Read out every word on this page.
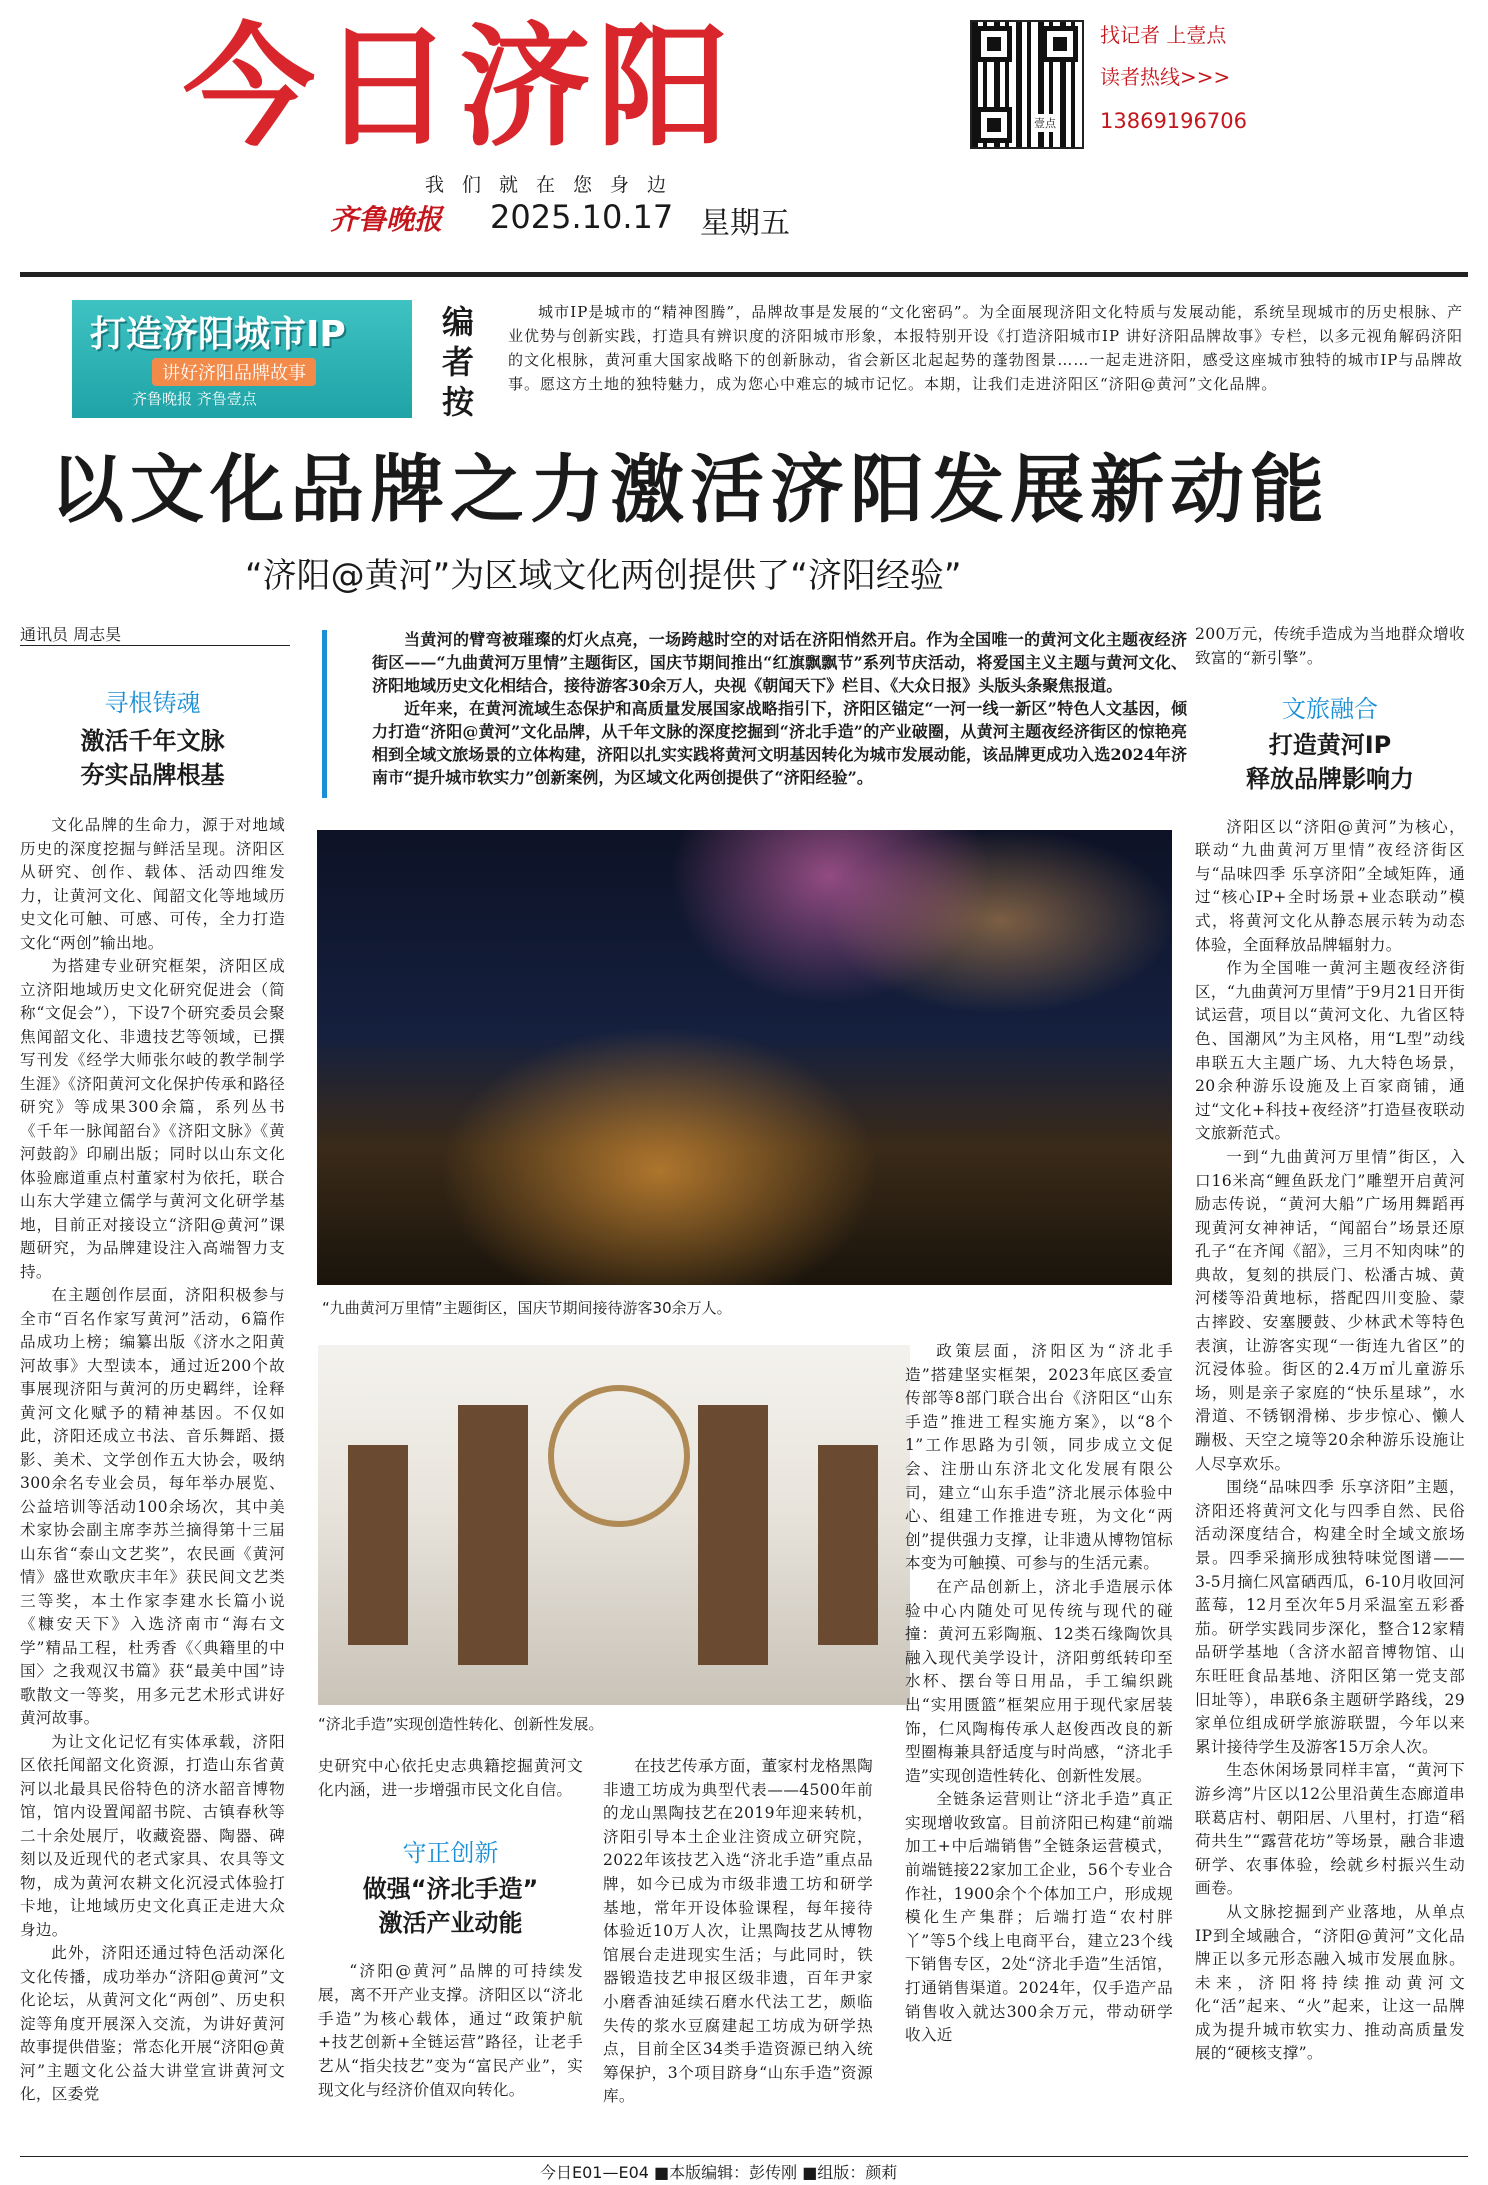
今日济阳
我们就在您身边
齐鲁晚报 2025.10.17 星期五
壹点
找记者 上壹点
读者热线>>>
13869196706
打造济阳城市IP
讲好济阳品牌故事
齐鲁晚报 齐鲁壹点
编者按
城市IP是城市的“精神图腾”，品牌故事是发展的“文化密码”。为全面展现济阳文化特质与发展动能，系统呈现城市的历史根脉、产业优势与创新实践，打造具有辨识度的济阳城市形象，本报特别开设《打造济阳城市IP 讲好济阳品牌故事》专栏，以多元视角解码济阳的文化根脉，黄河重大国家战略下的创新脉动，省会新区北起起势的蓬勃图景……一起走进济阳，感受这座城市独特的城市IP与品牌故事。愿这方土地的独特魅力，成为您心中难忘的城市记忆。本期，让我们走进济阳区“济阳@黄河”文化品牌。
以文化品牌之力激活济阳发展新动能
“济阳@黄河”为区域文化两创提供了“济阳经验”
通讯员 周志昊	当黄河的臂弯被璀璨的灯火点亮，一场跨越时空的对话在济阳悄然开启。作为全国唯一的黄河文化主题夜经济街区——“九曲黄河万里情”主题街区，国庆节期间推出“红旗飘飘节”系列节庆活动，将爱国主义主题与黄河文化、济阳地域历史文化相结合，接待游客30余万人，央视《朝闻天下》栏目、《大众日报》头版头条聚焦报道。

近年来，在黄河流域生态保护和高质量发展国家战略指引下，济阳区锚定“一河一线一新区”特色人文基因，倾力打造“济阳@黄河”文化品牌，从千年文脉的深度挖掘到“济北手造”的产业破圈，从黄河主题夜经济街区的惊艳亮相到全域文旅场景的立体构建，济阳以扎实实践将黄河文明基因转化为城市发展动能，该品牌更成功入选2024年济南市“提升城市软实力”创新案例，为区域文化两创提供了“济阳经验”。

寻根铸魂
激活千年文脉
夯实品牌根基

文化品牌的生命力，源于对地域历史的深度挖掘与鲜活呈现。济阳区从研究、创作、载体、活动四维发力，让黄河文化、闻韶文化等地域历史文化可触、可感、可传，全力打造文化“两创”输出地。

为搭建专业研究框架，济阳区成立济阳地域历史文化研究促进会（简称“文促会”），下设7个研究委员会聚焦闻韶文化、非遗技艺等领域，已撰写刊发《经学大师张尔岐的教学制学生涯》《济阳黄河文化保护传承和路径研究》等成果300余篇，系列丛书《千年一脉闻韶台》《济阳文脉》《黄河鼓韵》印刷出版；同时以山东文化体验廊道重点村董家村为依托，联合山东大学建立儒学与黄河文化研学基地，目前正对接设立“济阳@黄河”课题研究，为品牌建设注入高端智力支持。

在主题创作层面，济阳积极参与全市“百名作家写黄河”活动，6篇作品成功上榜；编纂出版《济水之阳黄河故事》大型读本，通过近200个故事展现济阳与黄河的历史羁绊，诠释黄河文化赋予的精神基因。不仅如此，济阳还成立书法、音乐舞蹈、摄影、美术、文学创作五大协会，吸纳300余名专业会员，每年举办展览、公益培训等活动100余场次，其中美术家协会副主席李苏兰摘得第十三届山东省“泰山文艺奖”，农民画《黄河情》盛世欢歌庆丰年》获民间文艺类三等奖，本土作家李建水长篇小说《糠安天下》入选济南市“海右文学”精品工程，杜秀香《〈典籍里的中国〉之我观汉书篇》获“最美中国”诗歌散文一等奖，用多元艺术形式讲好黄河故事。

为让文化记忆有实体承载，济阳区依托闻韶文化资源，打造山东省黄河以北最具民俗特色的济水韶音博物馆，馆内设置闻韶书院、古镇春秋等二十余处展厅，收藏瓷器、陶器、碑刻以及近现代的老式家具、农具等文物，成为黄河农耕文化沉浸式体验打卡地，让地域历史文化真正走进大众身边。

此外，济阳还通过特色活动深化文化传播，成功举办“济阳@黄河”文化论坛，从黄河文化“两创”、历史积淀等角度开展深入交流，为讲好黄河故事提供借鉴；常态化开展“济阳@黄河”主题文化公益大讲堂宣讲黄河文化，区委党

“九曲黄河万里情”主题街区，国庆节期间接待游客30余万人。
“济北手造”实现创造性转化、创新性发展。
史研究中心依托史志典籍挖掘黄河文化内涵，进一步增强市民文化自信。
守正创新
做强“济北手造”
激活产业动能
“济阳@黄河”品牌的可持续发展，离不开产业支撑。济阳区以“济北手造”为核心载体，通过“政策护航+技艺创新+全链运营”路径，让老手艺从“指尖技艺”变为“富民产业”，实现文化与经济价值双向转化。
在技艺传承方面，董家村龙格黑陶非遗工坊成为典型代表——4500年前的龙山黑陶技艺在2019年迎来转机，济阳引导本土企业注资成立研究院，2022年该技艺入选“济北手造”重点品牌，如今已成为市级非遗工坊和研学基地，常年开设体验课程，每年接待体验近10万人次，让黑陶技艺从博物馆展台走进现实生活；与此同时，铁器锻造技艺申报区级非遗，百年尹家小磨香油延续石磨水代法工艺，颇临失传的浆水豆腐建起工坊成为研学热点，目前全区34类手造资源已纳入统筹保护，3个项目跻身“山东手造”资源库。

政策层面，济阳区为“济北手造”搭建坚实框架，2023年底区委宣传部等8部门联合出台《济阳区“山东手造”推进工程实施方案》，以“8个1”工作思路为引领，同步成立文促会、注册山东济北文化发展有限公司，建立“山东手造”济北展示体验中心、组建工作推进专班，为文化“两创”提供强力支撑，让非遗从博物馆标本变为可触摸、可参与的生活元素。

在产品创新上，济北手造展示体验中心内随处可见传统与现代的碰撞：黄河五彩陶瓶、12类石缘陶饮具融入现代美学设计，济阳剪纸转印至水杯、摆台等日用品，手工编织跳出“实用匮篮”框架应用于现代家居装饰，仁风陶梅传承人赵俊西改良的新型圈梅兼具舒适度与时尚感，“济北手造”实现创造性转化、创新性发展。

全链条运营则让“济北手造”真正实现增收致富。目前济阳已构建“前端加工+中后端销售”全链条运营模式，前端链接22家加工企业，56个专业合作社，1900余个个体加工户，形成规模化生产集群；后端打造“农村胖丫”等5个线上电商平台，建立23个线下销售专区，2处“济北手造”生活馆，打通销售渠道。2024年，仅手造产品销售收入就达300余万元，带动研学收入近

200万元，传统手造成为当地群众增收致富的“新引擎”。
文旅融合
打造黄河IP
释放品牌影响力

济阳区以“济阳@黄河”为核心，联动“九曲黄河万里情”夜经济街区与“品味四季 乐享济阳”全域矩阵，通过“核心IP+全时场景+业态联动”模式，将黄河文化从静态展示转为动态体验，全面释放品牌辐射力。

作为全国唯一黄河主题夜经济街区，“九曲黄河万里情”于9月21日开街试运营，项目以“黄河文化、九省区特色、国潮风”为主风格，用“L型”动线串联五大主题广场、九大特色场景，20余种游乐设施及上百家商铺，通过“文化+科技+夜经济”打造昼夜联动文旅新范式。

一到“九曲黄河万里情”街区，入口16米高“鲤鱼跃龙门”雕塑开启黄河励志传说，“黄河大船”广场用舞蹈再现黄河女神神话，“闻韶台”场景还原孔子“在齐闻《韶》，三月不知肉味”的典故，复刻的拱辰门、松潘古城、黄河楼等沿黄地标，搭配四川变脸、蒙古摔跤、安塞腰鼓、少林武术等特色表演，让游客实现“一街连九省区”的沉浸体验。街区的2.4万㎡儿童游乐场，则是亲子家庭的“快乐星球”，水滑道、不锈钢滑梯、步步惊心、懒人蹦极、天空之境等20余种游乐设施让人尽享欢乐。

围绕“品味四季 乐享济阳”主题，济阳还将黄河文化与四季自然、民俗活动深度结合，构建全时全域文旅场景。四季采摘形成独特味觉图谱——3-5月摘仁风富硒西瓜，6-10月收回河蓝莓，12月至次年5月采温室五彩番茄。研学实践同步深化，整合12家精品研学基地（含济水韶音博物馆、山东旺旺食品基地、济阳区第一党支部旧址等），串联6条主题研学路线，29家单位组成研学旅游联盟，今年以来累计接待学生及游客15万余人次。

生态休闲场景同样丰富，“黄河下游乡湾”片区以12公里沿黄生态廊道串联葛店村、朝阳居、八里村，打造“稻荷共生”“露营花坊”等场景，融合非遗研学、农事体验，绘就乡村振兴生动画卷。

从文脉挖掘到产业落地，从单点IP到全域融合，“济阳@黄河”文化品牌正以多元形态融入城市发展血脉。未来，济阳将持续推动黄河文化“活”起来、“火”起来，让这一品牌成为提升城市软实力、推动高质量发展的“硬核支撑”。

今日E01—E04 ■本版编辑：彭传刚 ■组版：颜莉
